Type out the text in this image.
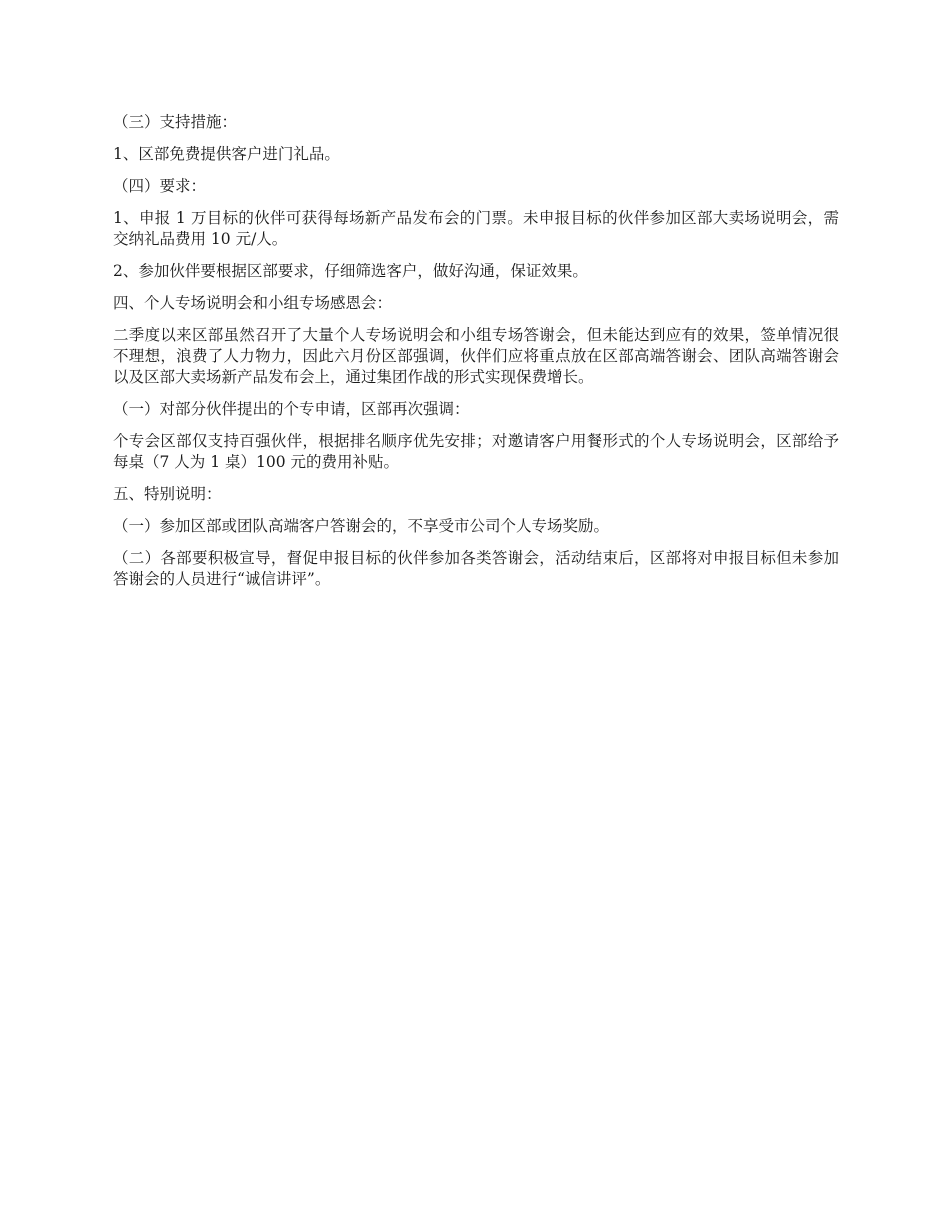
（三）支持措施：

1、区部免费提供客户进门礼品。

（四）要求：

1、申报 1 万目标的伙伴可获得每场新产品发布会的门票。未申报目标的伙伴参加区部大卖场说明会，需交纳礼品费用 10 元/人。

2、参加伙伴要根据区部要求，仔细筛选客户，做好沟通，保证效果。

四、个人专场说明会和小组专场感恩会：

二季度以来区部虽然召开了大量个人专场说明会和小组专场答谢会，但未能达到应有的效果，签单情况很不理想，浪费了人力物力，因此六月份区部强调，伙伴们应将重点放在区部高端答谢会、团队高端答谢会以及区部大卖场新产品发布会上，通过集团作战的形式实现保费增长。

（一）对部分伙伴提出的个专申请，区部再次强调：

个专会区部仅支持百强伙伴，根据排名顺序优先安排；对邀请客户用餐形式的个人专场说明会，区部给予每桌（7 人为 1 桌）100 元的费用补贴。

五、特别说明：

（一）参加区部或团队高端客户答谢会的，不享受市公司个人专场奖励。

（二）各部要积极宣导，督促申报目标的伙伴参加各类答谢会，活动结束后，区部将对申报目标但未参加答谢会的人员进行“诚信讲评”。
